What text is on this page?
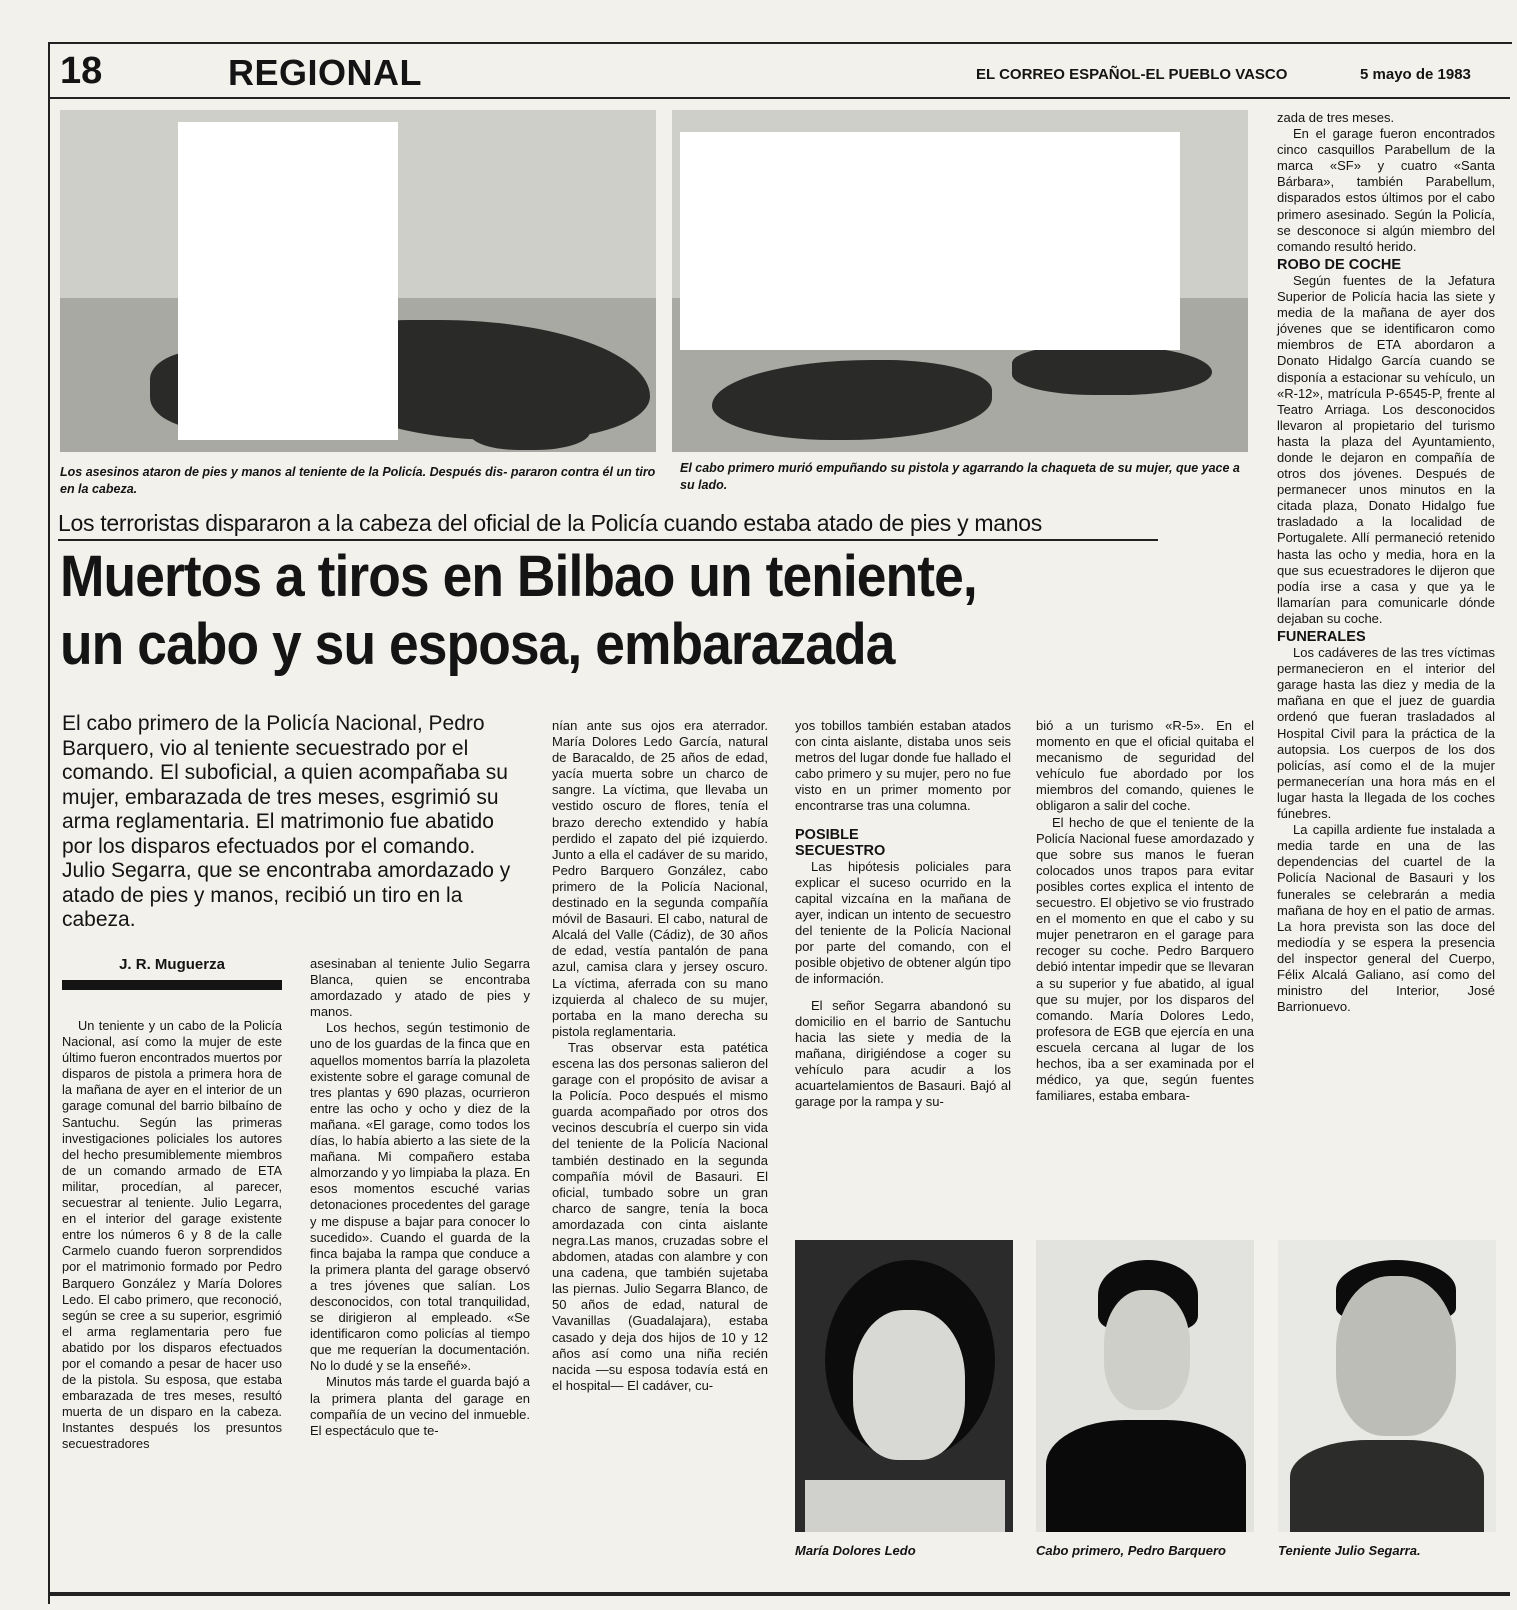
18	REGIONAL	EL CORREO ESPAÑOL-EL PUEBLO VASCO	5 mayo de 1983
Los asesinos ataron de pies y manos al teniente de la Policía. Después dis- pararon contra él un tiro en la cabeza.
El cabo primero murió empuñando su pistola y agarrando la chaqueta de su mujer, que yace a su lado.
Los terroristas dispararon a la cabeza del oficial de la Policía cuando estaba atado de pies y manos
Muertos a tiros en Bilbao un teniente,
un cabo y su esposa, embarazada
El cabo primero de la Policía Nacional, Pedro Barquero, vio al teniente secuestrado por el comando. El suboficial, a quien acompañaba su mujer, embarazada de tres meses, esgrimió su arma reglamentaria. El matrimonio fue abatido por los disparos efectuados por el comando. Julio Segarra, que se encontraba amordazado y atado de pies y manos, recibió un tiro en la cabeza.
J. R. Muguerza

Un teniente y un cabo de la Policía Nacional, así como la mujer de este último fueron encontrados muertos por disparos de pistola a primera hora de la mañana de ayer en el interior de un garage comunal del barrio bilbaíno de Santuchu. Según las primeras investigaciones policiales los autores del hecho presumiblemente miembros de un comando armado de ETA militar, procedían, al parecer, secuestrar al teniente. Julio Legarra, en el interior del garage existente entre los números 6 y 8 de la calle Carmelo cuando fueron sorprendidos por el matrimonio formado por Pedro Barquero González y María Dolores Ledo. El cabo primero, que reconoció, según se cree a su superior, esgrimió el arma reglamentaria pero fue abatido por los disparos efectuados por el comando a pesar de hacer uso de la pistola. Su esposa, que estaba embarazada de tres meses, resultó muerta de un disparo en la cabeza. Instantes después los presuntos secuestradores

asesinaban al teniente Julio Segarra Blanca, quien se encontraba amordazado y atado de pies y manos.

Los hechos, según testimonio de uno de los guardas de la finca que en aquellos momentos barría la plazoleta existente sobre el garage comunal de tres plantas y 690 plazas, ocurrieron entre las ocho y ocho y diez de la mañana. «El garage, como todos los días, lo había abierto a las siete de la mañana. Mi compañero estaba almorzando y yo limpiaba la plaza. En esos momentos escuché varias detonaciones procedentes del garage y me dispuse a bajar para conocer lo sucedido». Cuando el guarda de la finca bajaba la rampa que conduce a la primera planta del garage observó a tres jóvenes que salían. Los desconocidos, con total tranquilidad, se dirigieron al empleado. «Se identificaron como policías al tiempo que me requerían la documentación. No lo dudé y se la enseñé».

Minutos más tarde el guarda bajó a la primera planta del garage en compañía de un vecino del inmueble. El espectáculo que te-

nían ante sus ojos era aterrador. María Dolores Ledo García, natural de Baracaldo, de 25 años de edad, yacía muerta sobre un charco de sangre. La víctima, que llevaba un vestido oscuro de flores, tenía el brazo derecho extendido y había perdido el zapato del pié izquierdo. Junto a ella el cadáver de su marido, Pedro Barquero González, cabo primero de la Policía Nacional, destinado en la segunda compañía móvil de Basauri. El cabo, natural de Alcalá del Valle (Cádiz), de 30 años de edad, vestía pantalón de pana azul, camisa clara y jersey oscuro. La víctima, aferrada con su mano izquierda al chaleco de su mujer, portaba en la mano derecha su pistola reglamentaria.

Tras observar esta patética escena las dos personas salieron del garage con el propósito de avisar a la Policía. Poco después el mismo guarda acompañado por otros dos vecinos descubría el cuerpo sin vida del teniente de la Policía Nacional también destinado en la segunda compañía móvil de Basauri. El oficial, tumbado sobre un gran charco de sangre, tenía la boca amordazada con cinta aislante negra.Las manos, cruzadas sobre el abdomen, atadas con alambre y con una cadena, que también sujetaba las piernas. Julio Segarra Blanco, de 50 años de edad, natural de Vavanillas (Guadalajara), estaba casado y deja dos hijos de 10 y 12 años así como una niña recién nacida —su esposa todavía está en el hospital— El cadáver, cu-

yos tobillos también estaban atados con cinta aislante, distaba unos seis metros del lugar donde fue hallado el cabo primero y su mujer, pero no fue visto en un primer momento por encontrarse tras una columna.

POSIBLE SECUESTRO

Las hipótesis policiales para explicar el suceso ocurrido en la capital vizcaína en la mañana de ayer, indican un intento de secuestro del teniente de la Policía Nacional por parte del comando, con el posible objetivo de obtener algún tipo de información.

El señor Segarra abandonó su domicilio en el barrio de Santuchu hacia las siete y media de la mañana, dirigiéndose a coger su vehículo para acudir a los acuartelamientos de Basauri. Bajó al garage por la rampa y su-

bió a un turismo «R-5». En el momento en que el oficial quitaba el mecanismo de seguridad del vehículo fue abordado por los miembros del comando, quienes le obligaron a salir del coche.

El hecho de que el teniente de la Policía Nacional fuese amordazado y que sobre sus manos le fueran colocados unos trapos para evitar posibles cortes explica el intento de secuestro. El objetivo se vio frustrado en el momento en que el cabo y su mujer penetraron en el garage para recoger su coche. Pedro Barquero debió intentar impedir que se llevaran a su superior y fue abatido, al igual que su mujer, por los disparos del comando. María Dolores Ledo, profesora de EGB que ejercía en una escuela cercana al lugar de los hechos, iba a ser examinada por el médico, ya que, según fuentes familiares, estaba embara-

zada de tres meses.

En el garage fueron encontrados cinco casquillos Parabellum de la marca «SF» y cuatro «Santa Bárbara», también Parabellum, disparados estos últimos por el cabo primero asesinado. Según la Policía, se desconoce si algún miembro del comando resultó herido.

ROBO DE COCHE

Según fuentes de la Jefatura Superior de Policía hacia las siete y media de la mañana de ayer dos jóvenes que se identificaron como miembros de ETA abordaron a Donato Hidalgo García cuando se disponía a estacionar su vehículo, un «R-12», matrícula P-6545-P, frente al Teatro Arriaga. Los desconocidos llevaron al propietario del turismo hasta la plaza del Ayuntamiento, donde le dejaron en compañía de otros dos jóvenes. Después de permanecer unos minutos en la citada plaza, Donato Hidalgo fue trasladado a la localidad de Portugalete. Allí permaneció retenido hasta las ocho y media, hora en la que sus ecuestradores le dijeron que podía irse a casa y que ya le llamarían para comunicarle dónde dejaban su coche.

FUNERALES

Los cadáveres de las tres víctimas permanecieron en el interior del garage hasta las diez y media de la mañana en que el juez de guardia ordenó que fueran trasladados al Hospital Civil para la práctica de la autopsia. Los cuerpos de los dos policías, así como el de la mujer permanecerían una hora más en el lugar hasta la llegada de los coches fúnebres.

La capilla ardiente fue instalada a media tarde en una de las dependencias del cuartel de la Policía Nacional de Basauri y los funerales se celebrarán a media mañana de hoy en el patio de armas. La hora prevista son las doce del mediodía y se espera la presencia del inspector general del Cuerpo, Félix Alcalá Galiano, así como del ministro del Interior, José Barrionuevo.

María Dolores Ledo	Cabo primero, Pedro Barquero	Teniente Julio Segarra.
